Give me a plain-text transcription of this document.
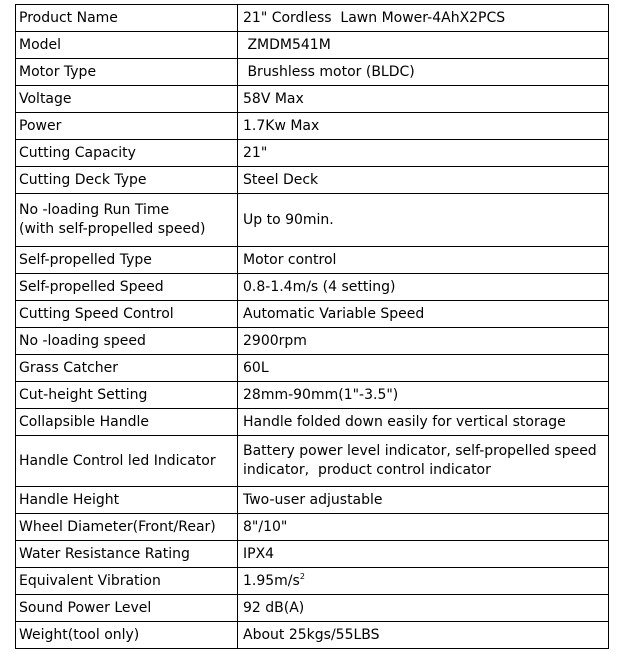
Product Name	21" Cordless  Lawn Mower-4AhX2PCS
Model	ZMDM541M
Motor Type	Brushless motor (BLDC)
Voltage	58V Max
Power	1.7Kw Max
Cutting Capacity	21"
Cutting Deck Type	Steel Deck
No -loading Run Time
(with self-propelled speed)	Up to 90min.
Self-propelled Type	Motor control
Self-propelled Speed	0.8-1.4m/s (4 setting)
Cutting Speed Control	Automatic Variable Speed
No -loading speed	2900rpm
Grass Catcher	60L
Cut-height Setting	28mm-90mm(1"-3.5")
Collapsible Handle	Handle folded down easily for vertical storage
Handle Control led Indicator	Battery power level indicator, self-propelled speed
indicator,  product control indicator
Handle Height	Two-user adjustable
Wheel Diameter(Front/Rear)	8"/10"
Water Resistance Rating	IPX4
Equivalent Vibration	$1.95m/s^2$
Sound Power Level	92 dB(A)
Weight(tool only)	About 25kgs/55LBS
